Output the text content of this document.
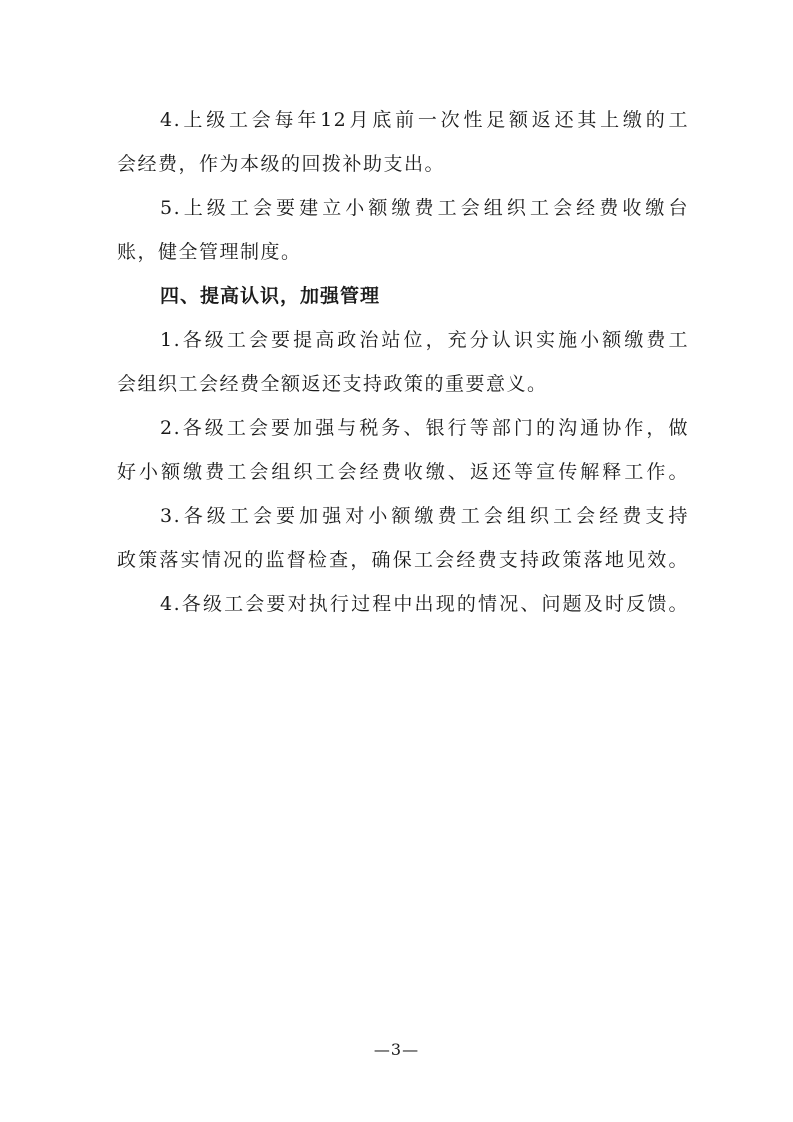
4.上级工会每年12月底前一次性足额返还其上缴的工
会经费，作为本级的回拨补助支出。
5.上级工会要建立小额缴费工会组织工会经费收缴台
账，健全管理制度。
四、提高认识，加强管理
1.各级工会要提高政治站位，充分认识实施小额缴费工
会组织工会经费全额返还支持政策的重要意义。
2.各级工会要加强与税务、银行等部门的沟通协作，做
好小额缴费工会组织工会经费收缴、返还等宣传解释工作。
3.各级工会要加强对小额缴费工会组织工会经费支持
政策落实情况的监督检查，确保工会经费支持政策落地见效。
4.各级工会要对执行过程中出现的情况、问题及时反馈。
—3—
